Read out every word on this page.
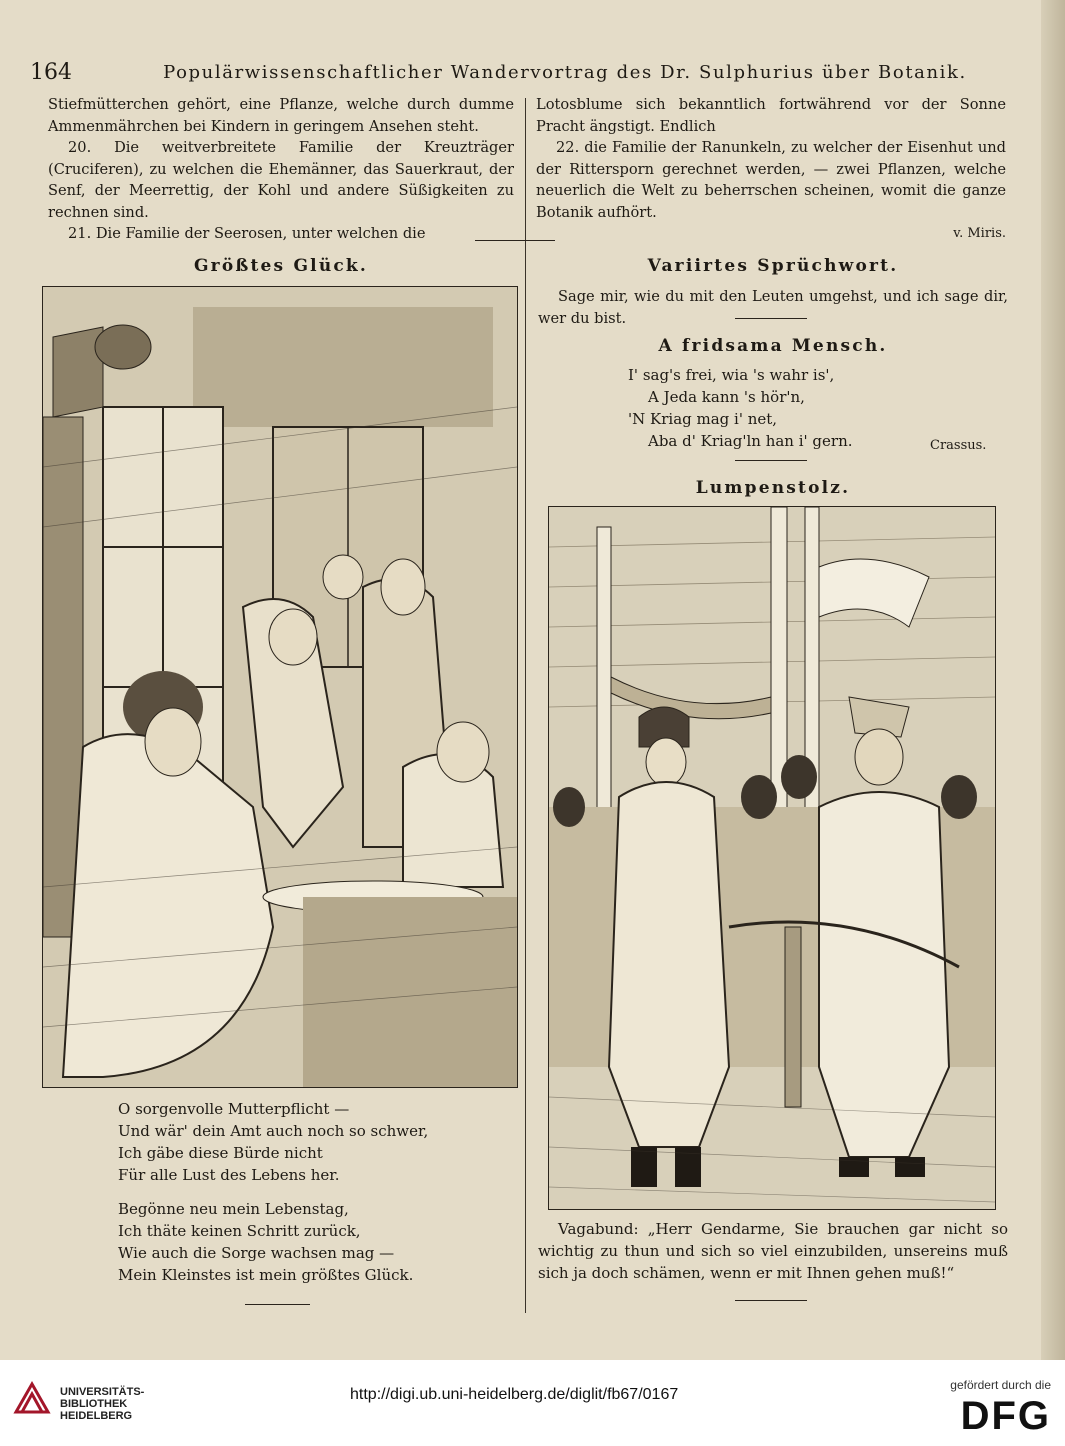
164	Populärwissenschaftlicher Wandervortrag des Dr. Sulphurius über Botanik.

Stiefmütterchen gehört, eine Pflanze, welche durch dumme Ammenmährchen bei Kindern in geringem Ansehen steht.

20. Die weitverbreitete Familie der Kreuzträger (Cruciferen), zu welchen die Ehemänner, das Sauerkraut, der Senf, der Meerrettig, der Kohl und andere Süßigkeiten zu rechnen sind.

21. Die Familie der Seerosen, unter welchen die

Lotosblume sich bekanntlich fortwährend vor der Sonne Pracht ängstigt. Endlich

22. die Familie der Ranunkeln, zu welcher der Eisenhut und der Rittersporn gerechnet werden, — zwei Pflanzen, welche neuerlich die Welt zu beherrschen scheinen, womit die ganze Botanik aufhört.

v. Miris.

Größtes Glück.
O sorgenvolle Mutterpflicht —
Und wär' dein Amt auch noch so schwer,
Ich gäbe diese Bürde nicht
Für alle Lust des Lebens her.
Begönne neu mein Lebenstag,
Ich thäte keinen Schritt zurück,
Wie auch die Sorge wachsen mag —
Mein Kleinstes ist mein größtes Glück.
Variirtes Sprüchwort.

Sage mir, wie du mit den Leuten umgehst, und ich sage dir, wer du bist.

A fridsama Mensch.
I' sag's frei, wia 's wahr is',
A Jeda kann 's hör'n,
'N Kriag mag i' net,
Aba d' Kriag'ln han i' gern.	Crassus.
Lumpenstolz.
Vagabund: „Herr Gendarme, Sie brauchen gar nicht so wichtig zu thun und sich so viel einzubilden, unsereins muß sich ja doch schämen, wenn er mit Ihnen gehen muß!“
UNIVERSITÄTS-
BIBLIOTHEK
HEIDELBERG
http://digi.ub.uni-heidelberg.de/diglit/fb67/0167
gefördert durch die
DFG
